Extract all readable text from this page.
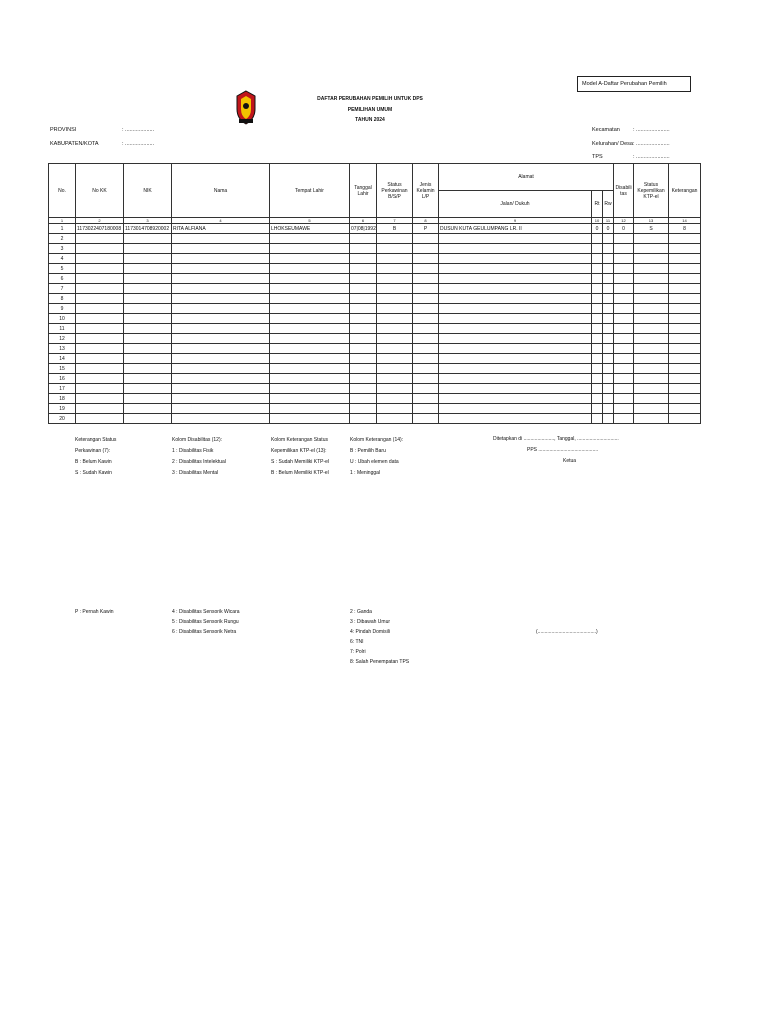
Model A-Daftar Perubahan Pemilih
DAFTAR PERUBAHAN PEMILIH UNTUK DPS
PEMILIHAN UMUM
TAHUN 2024
PROVINSI	: ...................
KABUPATEN/KOTA	: ...................
Kecamatan : ......................
Kelurahan/ Desa : ......................
TPS	: ......................
No.	No KK	NIK	Nama	Tempat Lahir	Tanggal Lahir	Status Perkawinan B/S/P	Jenis Kelamin L/P	Alamat			Disabili tas	Status Kepemilikan KTP-el	Keterangan
								Jalan/ Dukuh	Rt	Rw			
1	2	3	4	5	6	7	8	9	10	11	12	13	14
1	1173022407180008	1173014708920002	RITA ALFIANA	LHOKSEUMAWE	07|08|1992	B	P	DUSUN KUTA GEULUMPANG LR. II	0	0	0	S	8
2													
3													
4													
5													
6													
7													
8													
9													
10													
11													
12													
13													
14													
15													
16													
17													
18													
19													
20													
Keterangan Status
Perkawinan (7):
B : Belum Kawin
S : Sudah Kawin
Kolom Disabilitas (12):
1 : Disabilitas Fisik
2 : Disabilitas Intelektual
3 : Disabilitas Mental
Kolom Keterangan Status
Kepemilikan KTP-el (13):
S : Sudah Memiliki KTP-el
B : Belum Memiliki KTP-el
Kolom Keterangan (14):
B : Pemilih Baru
U : Ubah elemen data
1 : Meninggal
P : Pernah Kawin	4 : Disabilitas Sensorik Wicara
5 : Disabilitas Sensorik Rungu
6 : Disabilitas Sensorik Netra
2 : Ganda
3 : Dibawah Umur
4: Pindah Domisili
6: TNI
7: Polri
8: Salah Penempatan TPS
Ditetapkan di ......................, Tanggal, ..............................
PPS ...........................................
Ketua
(..........................................)
